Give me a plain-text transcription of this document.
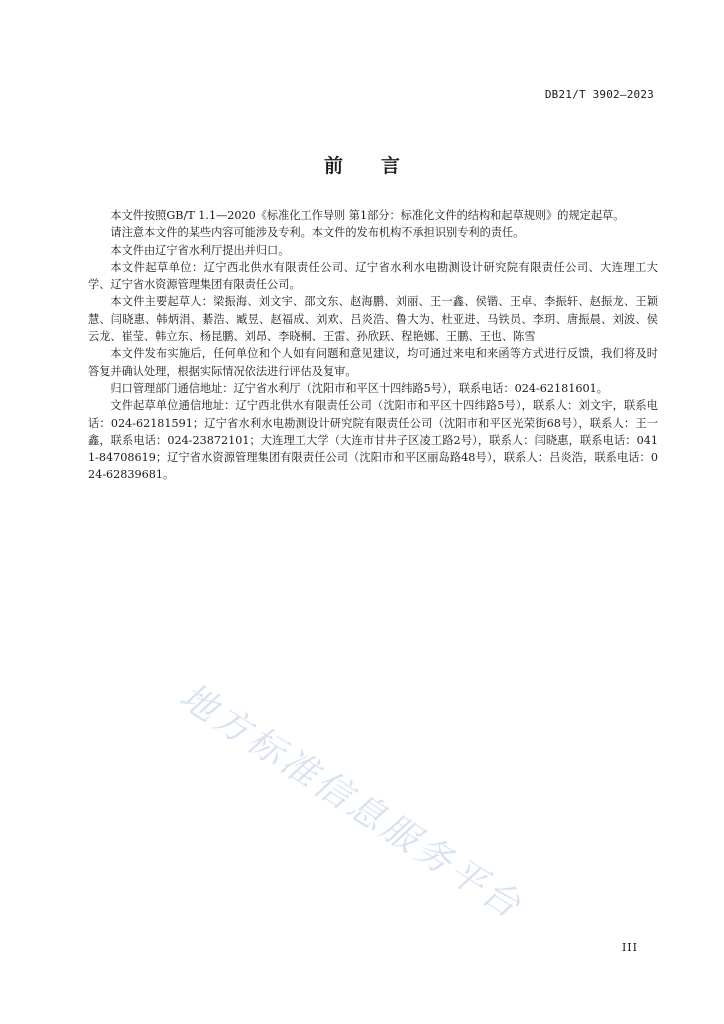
DB21/T 3902—2023
前言

本文件按照GB/T 1.1—2020《标准化工作导则 第1部分：标准化文件的结构和起草规则》的规定起草。

请注意本文件的某些内容可能涉及专利。本文件的发布机构不承担识别专利的责任。

本文件由辽宁省水利厅提出并归口。

本文件起草单位：辽宁西北供水有限责任公司、辽宁省水利水电勘测设计研究院有限责任公司、大连理工大学、辽宁省水资源管理集团有限责任公司。

本文件主要起草人：梁振海、刘文宇、邵文东、赵海鹏、刘丽、王一鑫、侯锴、王卓、李振轩、赵振龙、王颖慧、闫晓惠、韩炳涓、綦浩、臧昱、赵福成、刘欢、吕炎浩、鲁大为、杜亚进、马铁员、李玥、唐振晨、刘波、侯云龙、崔莹、韩立东、杨昆鹏、刘昂、李晓桐、王雷、孙欣跃、程艳娜、王鹏、王也、陈雪

本文件发布实施后，任何单位和个人如有问题和意见建议，均可通过来电和来函等方式进行反馈，我们将及时答复并确认处理，根据实际情况依法进行评估及复审。

归口管理部门通信地址：辽宁省水利厅（沈阳市和平区十四纬路5号），联系电话：024-62181601。

文件起草单位通信地址：辽宁西北供水有限责任公司（沈阳市和平区十四纬路5号），联系人：刘文宇，联系电话：024-62181591；辽宁省水利水电勘测设计研究院有限责任公司（沈阳市和平区光荣街68号），联系人：王一鑫，联系电话：024-23872101；大连理工大学（大连市甘井子区凌工路2号），联系人：闫晓惠，联系电话：0411-84708619；辽宁省水资源管理集团有限责任公司（沈阳市和平区丽岛路48号），联系人：吕炎浩，联系电话：024-62839681。

地方标准信息服务平台
III
